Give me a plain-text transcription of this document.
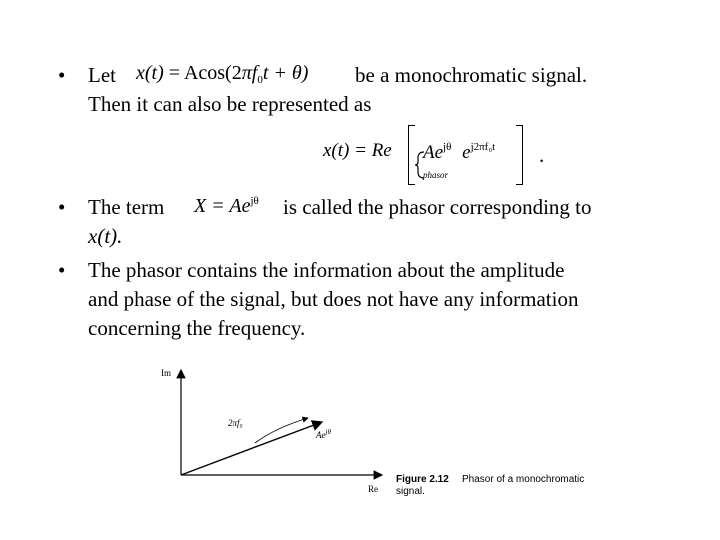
• Let $x(t) = Acos(2\pi f_0t + \theta)$ be a monochromatic signal.
Then it can also be represented as
x(t) = Re $Ae^{j\theta}$ $e^{j2\pi f_0t}$
phasor
.
• The term $X = Ae^{j\theta}$ is called the phasor corresponding to
x(t).
• The phasor contains the information about the amplitude
and phase of the signal, but does not have any information
concerning the frequency.
Im
Re
2πf₀
$Ae^{j\theta}$
Figure 2.12 Phasor of a monochromatic
signal.
